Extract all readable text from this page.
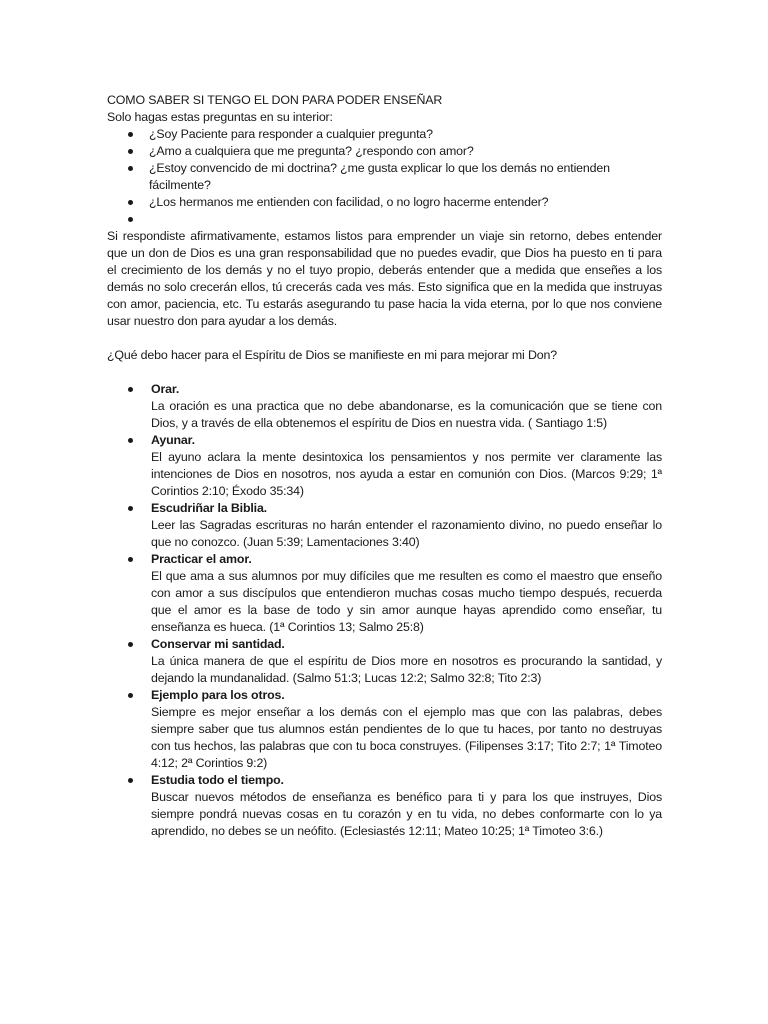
COMO SABER SI TENGO EL DON PARA PODER ENSEÑAR

Solo hagas estas preguntas en su interior:

¿Soy Paciente para responder a cualquier pregunta?
¿Amo a cualquiera que me pregunta? ¿respondo con amor?
¿Estoy convencido de mi doctrina? ¿me gusta explicar lo que los demás no entienden fácilmente?
¿Los hermanos me entienden con facilidad, o no logro hacerme entender?

Si respondiste afirmativamente, estamos listos para emprender un viaje sin retorno, debes entender que un don de Dios es una gran responsabilidad que no puedes evadir, que Dios ha puesto en ti para el crecimiento de los demás y no el tuyo propio, deberás entender que a medida que enseñes a los demás no solo crecerán ellos, tú crecerás cada ves más. Esto significa que en la medida que instruyas con amor, paciencia, etc. Tu estarás asegurando tu pase hacia la vida eterna, por lo que nos conviene usar nuestro don para ayudar a los demás.

¿Qué debo hacer para el Espíritu de Dios se manifieste en mi para mejorar mi Don?

Orar.
La oración es una practica que no debe abandonarse, es la comunicación que se tiene con Dios, y a través de ella obtenemos el espíritu de Dios en nuestra vida. ( Santiago 1:5)
Ayunar.
El ayuno aclara la mente desintoxica los pensamientos y nos permite ver claramente las intenciones de Dios en nosotros, nos ayuda a estar en comunión con Dios. (Marcos 9:29; 1ª Corintios 2:10; Éxodo 35:34)
Escudriñar la Biblia.
Leer las Sagradas escrituras no harán entender el razonamiento divino, no puedo enseñar lo que no conozco. (Juan 5:39; Lamentaciones 3:40)
Practicar el amor.
El que ama a sus alumnos por muy difíciles que me resulten es como el maestro que enseño con amor a sus discípulos que entendieron muchas cosas mucho tiempo después, recuerda que el amor es la base de todo y sin amor aunque hayas aprendido como enseñar, tu enseñanza es hueca. (1ª Corintios 13; Salmo 25:8)
Conservar mi santidad.
La única manera de que el espíritu de Dios more en nosotros es procurando la santidad, y dejando la mundanalidad. (Salmo 51:3; Lucas 12:2; Salmo 32:8; Tito 2:3)
Ejemplo para los otros.
Siempre es mejor enseñar a los demás con el ejemplo mas que con las palabras, debes siempre saber que tus alumnos están pendientes de lo que tu haces, por tanto no destruyas con tus hechos, las palabras que con tu boca construyes. (Filipenses 3:17; Tito 2:7; 1ª Timoteo 4:12; 2ª Corintios 9:2)
Estudia todo el tiempo.
Buscar nuevos métodos de enseñanza es benéfico para ti y para los que instruyes, Dios siempre pondrá nuevas cosas en tu corazón y en tu vida, no debes conformarte con lo ya aprendido, no debes se un neófito. (Eclesiastés 12:11; Mateo 10:25; 1ª Timoteo 3:6.)
